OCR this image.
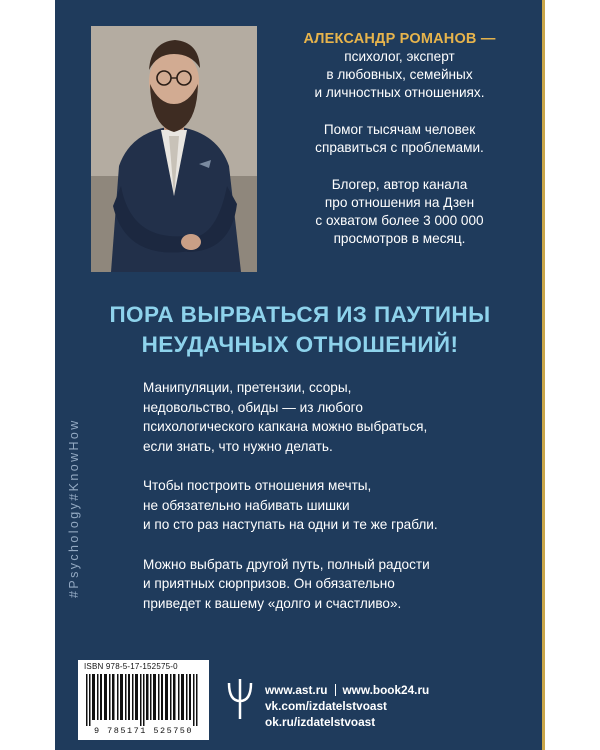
АЛЕКСАНДР РОМАНОВ —
психолог, эксперт
в любовных, семейных
и личностных отношениях.

Помог тысячам человек
справиться с проблемами.

Блогер, автор канала
про отношения на Дзен
с охватом более 3 000 000
просмотров в месяц.

ПОРА ВЫРВАТЬСЯ ИЗ ПАУТИНЫ
НЕУДАЧНЫХ ОТНОШЕНИЙ!

Манипуляции, претензии, ссоры,
недовольство, обиды — из любого
психологического капкана можно выбраться,
если знать, что нужно делать.

Чтобы построить отношения мечты,
не обязательно набивать шишки
и по сто раз наступать на одни и те же грабли.

Можно выбрать другой путь, полный радости
и приятных сюрпризов. Он обязательно
приведет к вашему «долго и счастливо».

#Psychology#KnowHow
ISBN 978-5-17-152575-0
9 785171 525750
www.ast.ru www.book24.ru
vk.com/izdatelstvoast
ok.ru/izdatelstvoast
